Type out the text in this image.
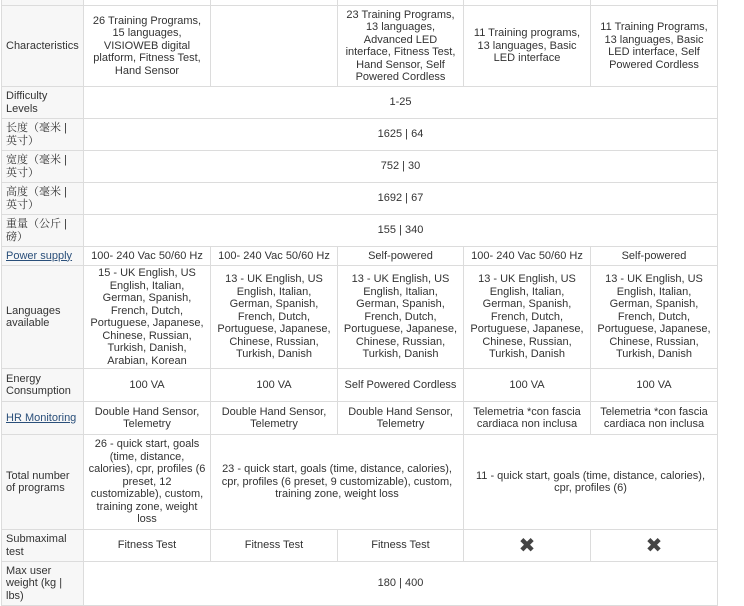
Characteristics	26 Training Programs, 15 languages, VISIOWEB digital platform, Fitness Test, Hand Sensor		23 Training Programs, 13 languages, Advanced LED interface, Fitness Test, Hand Sensor, Self Powered Cordless	11 Training programs, 13 languages, Basic LED interface	11 Training Programs, 13 languages, Basic LED interface, Self Powered Cordless
Difficulty Levels	1-25				
长度（毫米 | 英寸）	1625 | 64				
宽度（毫米 | 英寸）	752 | 30				
高度（毫米 | 英寸）	1692 | 67				
重量（公斤 | 磅）	155 | 340				
Power supply	100- 240 Vac 50/60 Hz	100- 240 Vac 50/60 Hz	Self-powered	100- 240 Vac 50/60 Hz	Self-powered
Languages available	15 - UK English, US English, Italian, German, Spanish, French, Dutch, Portuguese, Japanese, Chinese, Russian, Turkish, Danish, Arabian, Korean	13 - UK English, US English, Italian, German, Spanish, French, Dutch, Portuguese, Japanese, Chinese, Russian, Turkish, Danish	13 - UK English, US English, Italian, German, Spanish, French, Dutch, Portuguese, Japanese, Chinese, Russian, Turkish, Danish	13 - UK English, US English, Italian, German, Spanish, French, Dutch, Portuguese, Japanese, Chinese, Russian, Turkish, Danish	13 - UK English, US English, Italian, German, Spanish, French, Dutch, Portuguese, Japanese, Chinese, Russian, Turkish, Danish
Energy Consumption	100 VA	100 VA	Self Powered Cordless	100 VA	100 VA
HR Monitoring	Double Hand Sensor, Telemetry	Double Hand Sensor, Telemetry	Double Hand Sensor, Telemetry	Telemetria *con fascia cardiaca non inclusa	Telemetria *con fascia cardiaca non inclusa
Total number of programs	26 - quick start, goals (time, distance, calories), cpr, profiles (6 preset, 12 customizable), custom, training zone, weight loss	23 - quick start, goals (time, distance, calories), cpr, profiles (6 preset, 9 customizable), custom, training zone, weight loss		11 - quick start, goals (time, distance, calories), cpr, profiles (6)	
Submaximal test	Fitness Test	Fitness Test	Fitness Test	✖	✖
Max user weight (kg | lbs)	180 | 400				
